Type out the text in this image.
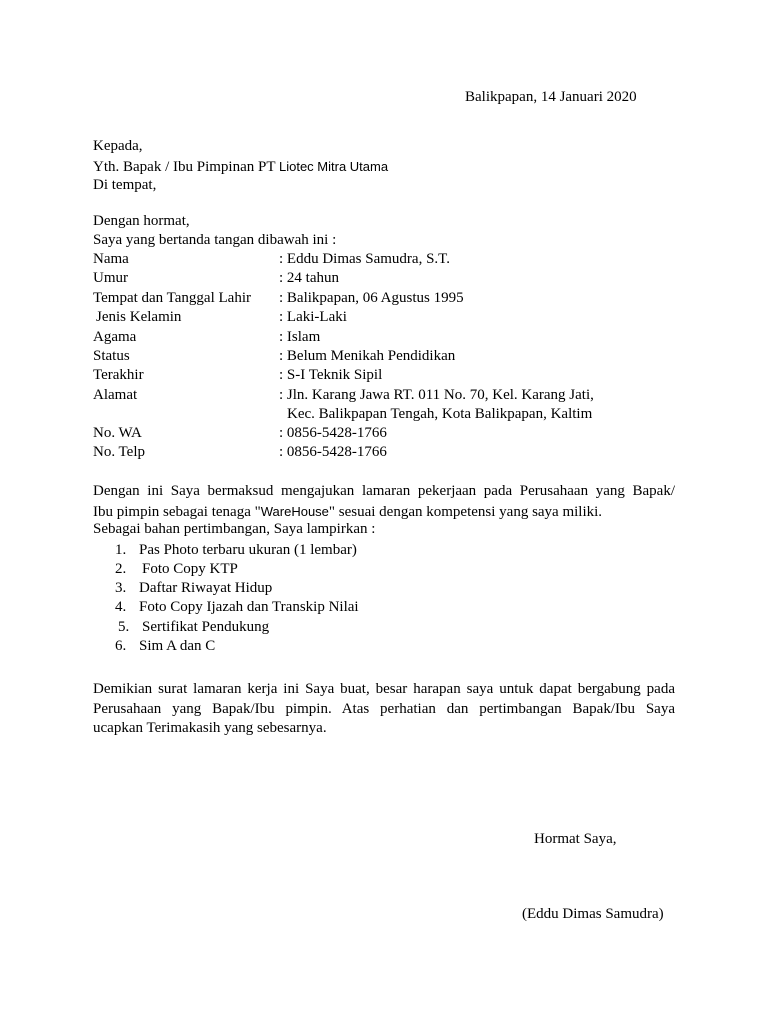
Balikpapan, 14 Januari 2020
Kepada,
Yth. Bapak / Ibu Pimpinan PT Liotec Mitra Utama
Di tempat,
Dengan hormat,
Saya yang bertanda tangan dibawah ini :
Nama	: Eddu Dimas Samudra, S.T.
Umur	: 24 tahun
Tempat dan Tanggal Lahir : Balikpapan, 06 Agustus 1995
Jenis Kelamin	: Laki-Laki
Agama	: Islam
Status	: Belum Menikah Pendidikan
Terakhir	: S-I Teknik Sipil
Alamat	: Jln. Karang Jawa RT. 011 No. 70, Kel. Karang Jati,
Kec. Balikpapan Tengah, Kota Balikpapan, Kaltim
No. WA	: 0856-5428-1766
No. Telp	: 0856-5428-1766

Dengan ini Saya bermaksud mengajukan lamaran pekerjaan pada Perusahaan yang Bapak/

Ibu pimpin sebagai tenaga "WareHouse" sesuai dengan kompetensi yang saya miliki.

Sebagai bahan pertimbangan, Saya lampirkan :
1. Pas Photo terbaru ukuran (1 lembar)
2. Foto Copy KTP
3. Daftar Riwayat Hidup
4. Foto Copy Ijazah dan Transkip Nilai
5. Sertifikat Pendukung
6. Sim A dan C

Demikian surat lamaran kerja ini Saya buat, besar harapan saya untuk dapat bergabung pada

Perusahaan yang Bapak/Ibu pimpin. Atas perhatian dan pertimbangan Bapak/Ibu Saya

ucapkan Terimakasih yang sebesarnya.

Hormat Saya,
(Eddu Dimas Samudra)
